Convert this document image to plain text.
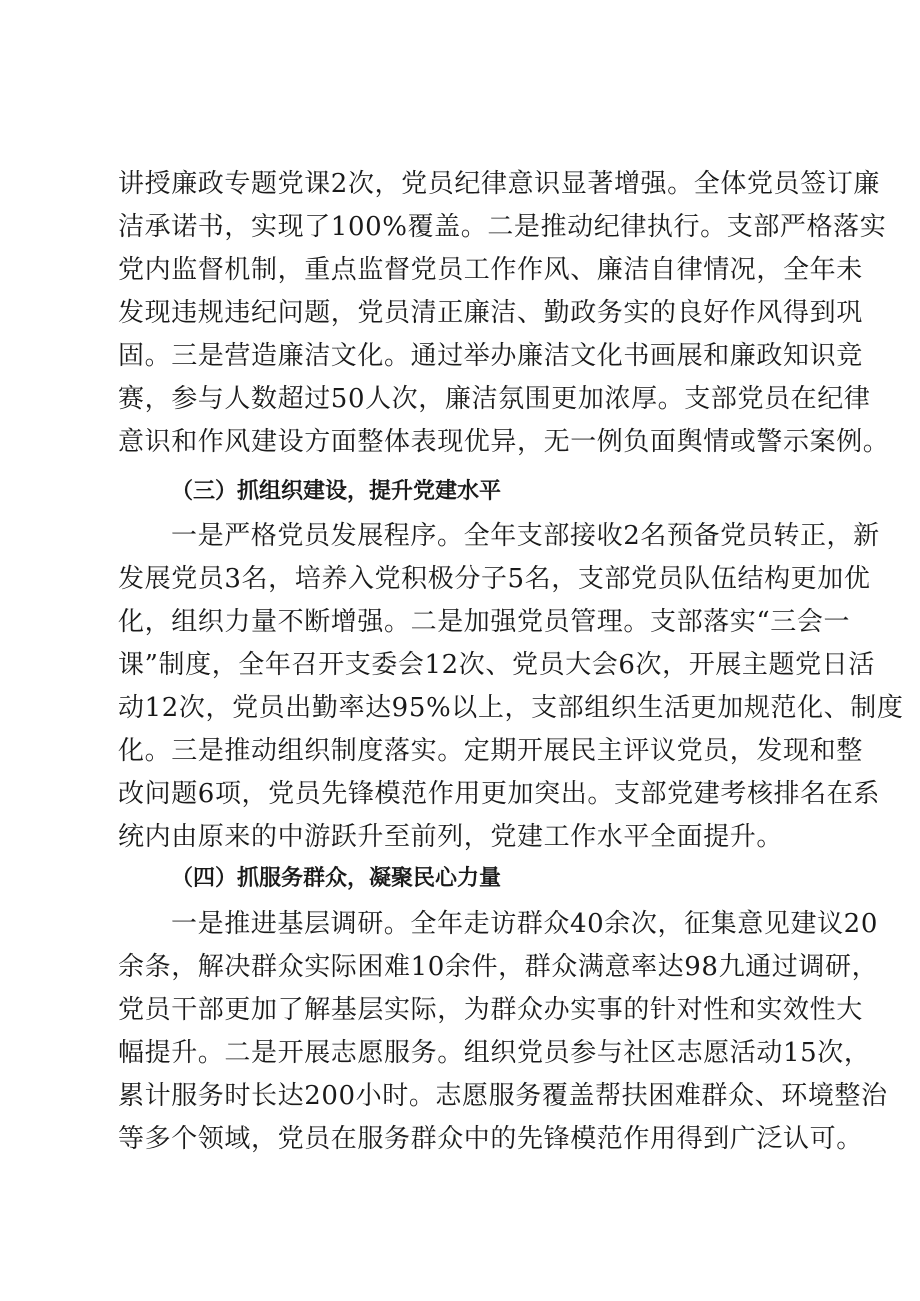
讲授廉政专题党课2次，党员纪律意识显著增强。全体党员签订廉
洁承诺书，实现了100%覆盖。二是推动纪律执行。支部严格落实
党内监督机制，重点监督党员工作作风、廉洁自律情况，全年未
发现违规违纪问题，党员清正廉洁、勤政务实的良好作风得到巩
固。三是营造廉洁文化。通过举办廉洁文化书画展和廉政知识竞
赛，参与人数超过50人次，廉洁氛围更加浓厚。支部党员在纪律
意识和作风建设方面整体表现优异，无一例负面舆情或警示案例。
（三）抓组织建设，提升党建水平
一是严格党员发展程序。全年支部接收2名预备党员转正，新
发展党员3名，培养入党积极分子5名，支部党员队伍结构更加优
化，组织力量不断增强。二是加强党员管理。支部落实“三会一
课”制度，全年召开支委会12次、党员大会6次，开展主题党日活
动12次，党员出勤率达95%以上，支部组织生活更加规范化、制度
化。三是推动组织制度落实。定期开展民主评议党员，发现和整
改问题6项，党员先锋模范作用更加突出。支部党建考核排名在系
统内由原来的中游跃升至前列，党建工作水平全面提升。
（四）抓服务群众，凝聚民心力量
一是推进基层调研。全年走访群众40余次，征集意见建议20
余条，解决群众实际困难10余件，群众满意率达98九通过调研，
党员干部更加了解基层实际，为群众办实事的针对性和实效性大
幅提升。二是开展志愿服务。组织党员参与社区志愿活动15次，
累计服务时长达200小时。志愿服务覆盖帮扶困难群众、环境整治
等多个领域，党员在服务群众中的先锋模范作用得到广泛认可。
